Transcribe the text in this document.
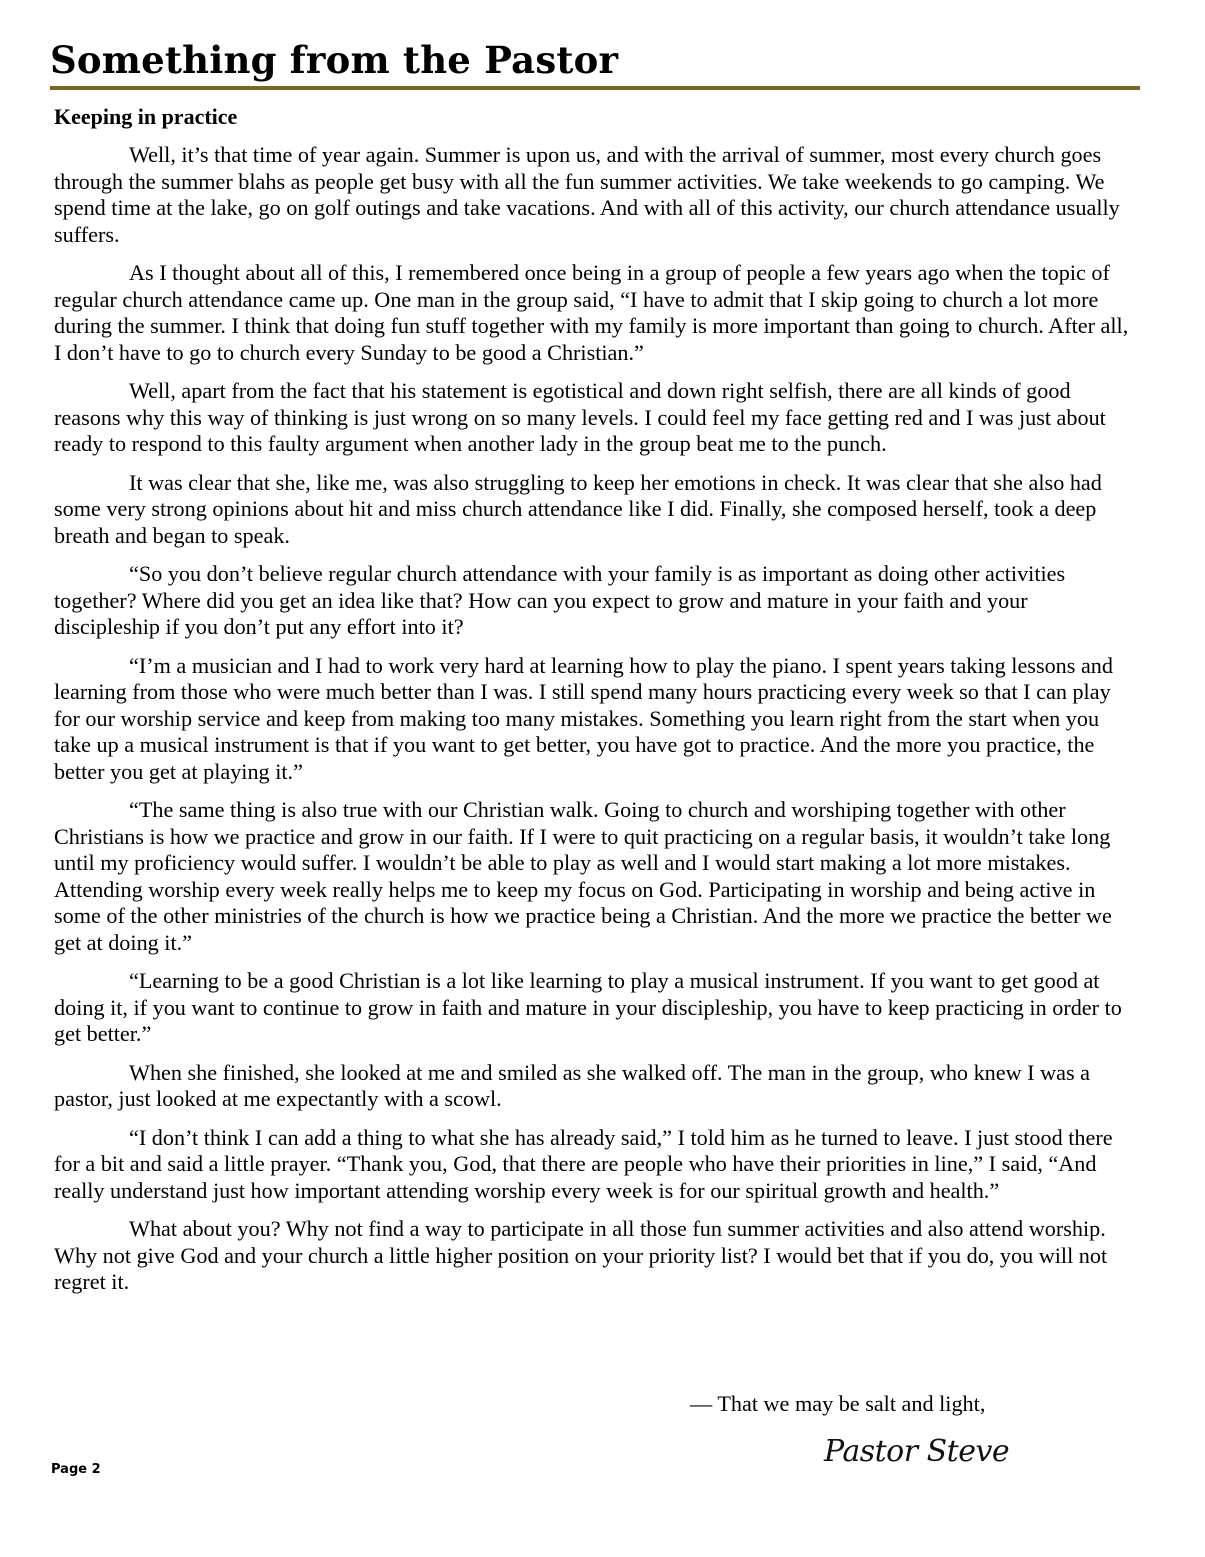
Something from the Pastor
Keeping in practice

Well, it’s that time of year again. Summer is upon us, and with the arrival of summer, most every church goes through the summer blahs as people get busy with all the fun summer activities. We take weekends to go camping. We spend time at the lake, go on golf outings and take vacations. And with all of this activity, our church attendance usually suffers.

As I thought about all of this, I remembered once being in a group of people a few years ago when the topic of regular church attendance came up. One man in the group said, “I have to admit that I skip going to church a lot more during the summer. I think that doing fun stuff together with my family is more important than going to church. After all, I don’t have to go to church every Sunday to be good a Christian.”

Well, apart from the fact that his statement is egotistical and down right selfish, there are all kinds of good reasons why this way of thinking is just wrong on so many levels. I could feel my face getting red and I was just about ready to respond to this faulty argument when another lady in the group beat me to the punch.

It was clear that she, like me, was also struggling to keep her emotions in check. It was clear that she also had some very strong opinions about hit and miss church attendance like I did. Finally, she composed herself, took a deep breath and began to speak.

“So you don’t believe regular church attendance with your family is as important as doing other activities together? Where did you get an idea like that? How can you expect to grow and mature in your faith and your discipleship if you don’t put any effort into it?

“I’m a musician and I had to work very hard at learning how to play the piano. I spent years taking lessons and learning from those who were much better than I was. I still spend many hours practicing every week so that I can play for our worship service and keep from making too many mistakes. Something you learn right from the start when you take up a musical instrument is that if you want to get better, you have got to practice. And the more you practice, the better you get at playing it.”

“The same thing is also true with our Christian walk. Going to church and worshiping together with other Christians is how we practice and grow in our faith. If I were to quit practicing on a regular basis, it wouldn’t take long until my proficiency would suffer. I wouldn’t be able to play as well and I would start making a lot more mistakes. Attending worship every week really helps me to keep my focus on God. Participating in worship and being active in some of the other ministries of the church is how we practice being a Christian. And the more we practice the better we get at doing it.”

“Learning to be a good Christian is a lot like learning to play a musical instrument. If you want to get good at doing it, if you want to continue to grow in faith and mature in your discipleship, you have to keep practicing in order to get better.”

When she finished, she looked at me and smiled as she walked off. The man in the group, who knew I was a pastor, just looked at me expectantly with a scowl.

“I don’t think I can add a thing to what she has already said,” I told him as he turned to leave. I just stood there for a bit and said a little prayer. “Thank you, God, that there are people who have their priorities in line,” I said, “And really understand just how important attending worship every week is for our spiritual growth and health.”

What about you? Why not find a way to participate in all those fun summer activities and also attend worship. Why not give God and your church a little higher position on your priority list? I would bet that if you do, you will not regret it.

— That we may be salt and light,
Pastor Steve
Page 2
